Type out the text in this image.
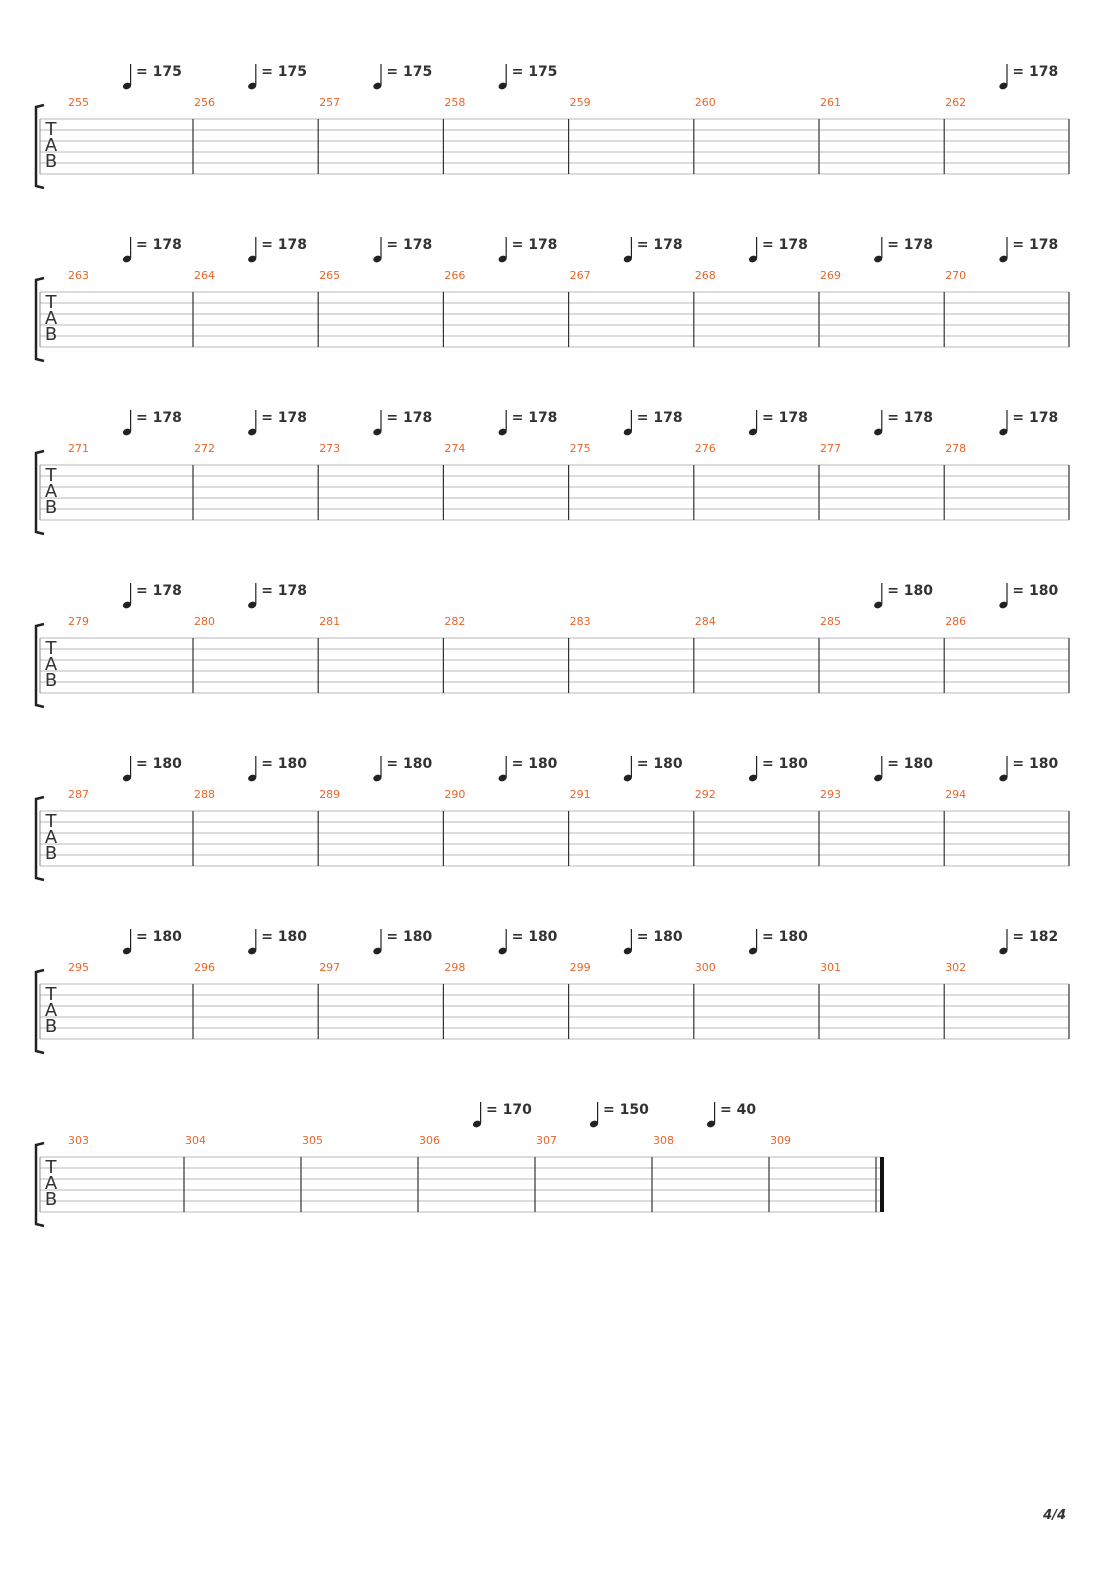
T
A
B
255
= 175
256
= 175
257
= 175
258
= 175
259	260	261	262
= 178
T
A
B
263
= 178
264
= 178
265
= 178
266
= 178
267
= 178
268
= 178
269
= 178
270
= 178
T
A
B
271
= 178
272
= 178
273
= 178
274
= 178
275
= 178
276
= 178
277
= 178
278
= 178
T
A
B
279
= 178
280
= 178
281	282	283	284	285
= 180
286
= 180
T
A
B
287
= 180
288
= 180
289
= 180
290
= 180
291
= 180
292
= 180
293
= 180
294
= 180
T
A
B
295
= 180
296
= 180
297
= 180
298
= 180
299
= 180
300
= 180
301	302
= 182
T
A
B
303	304	305	306
= 170
307
= 150
308
= 40
309
4/4
